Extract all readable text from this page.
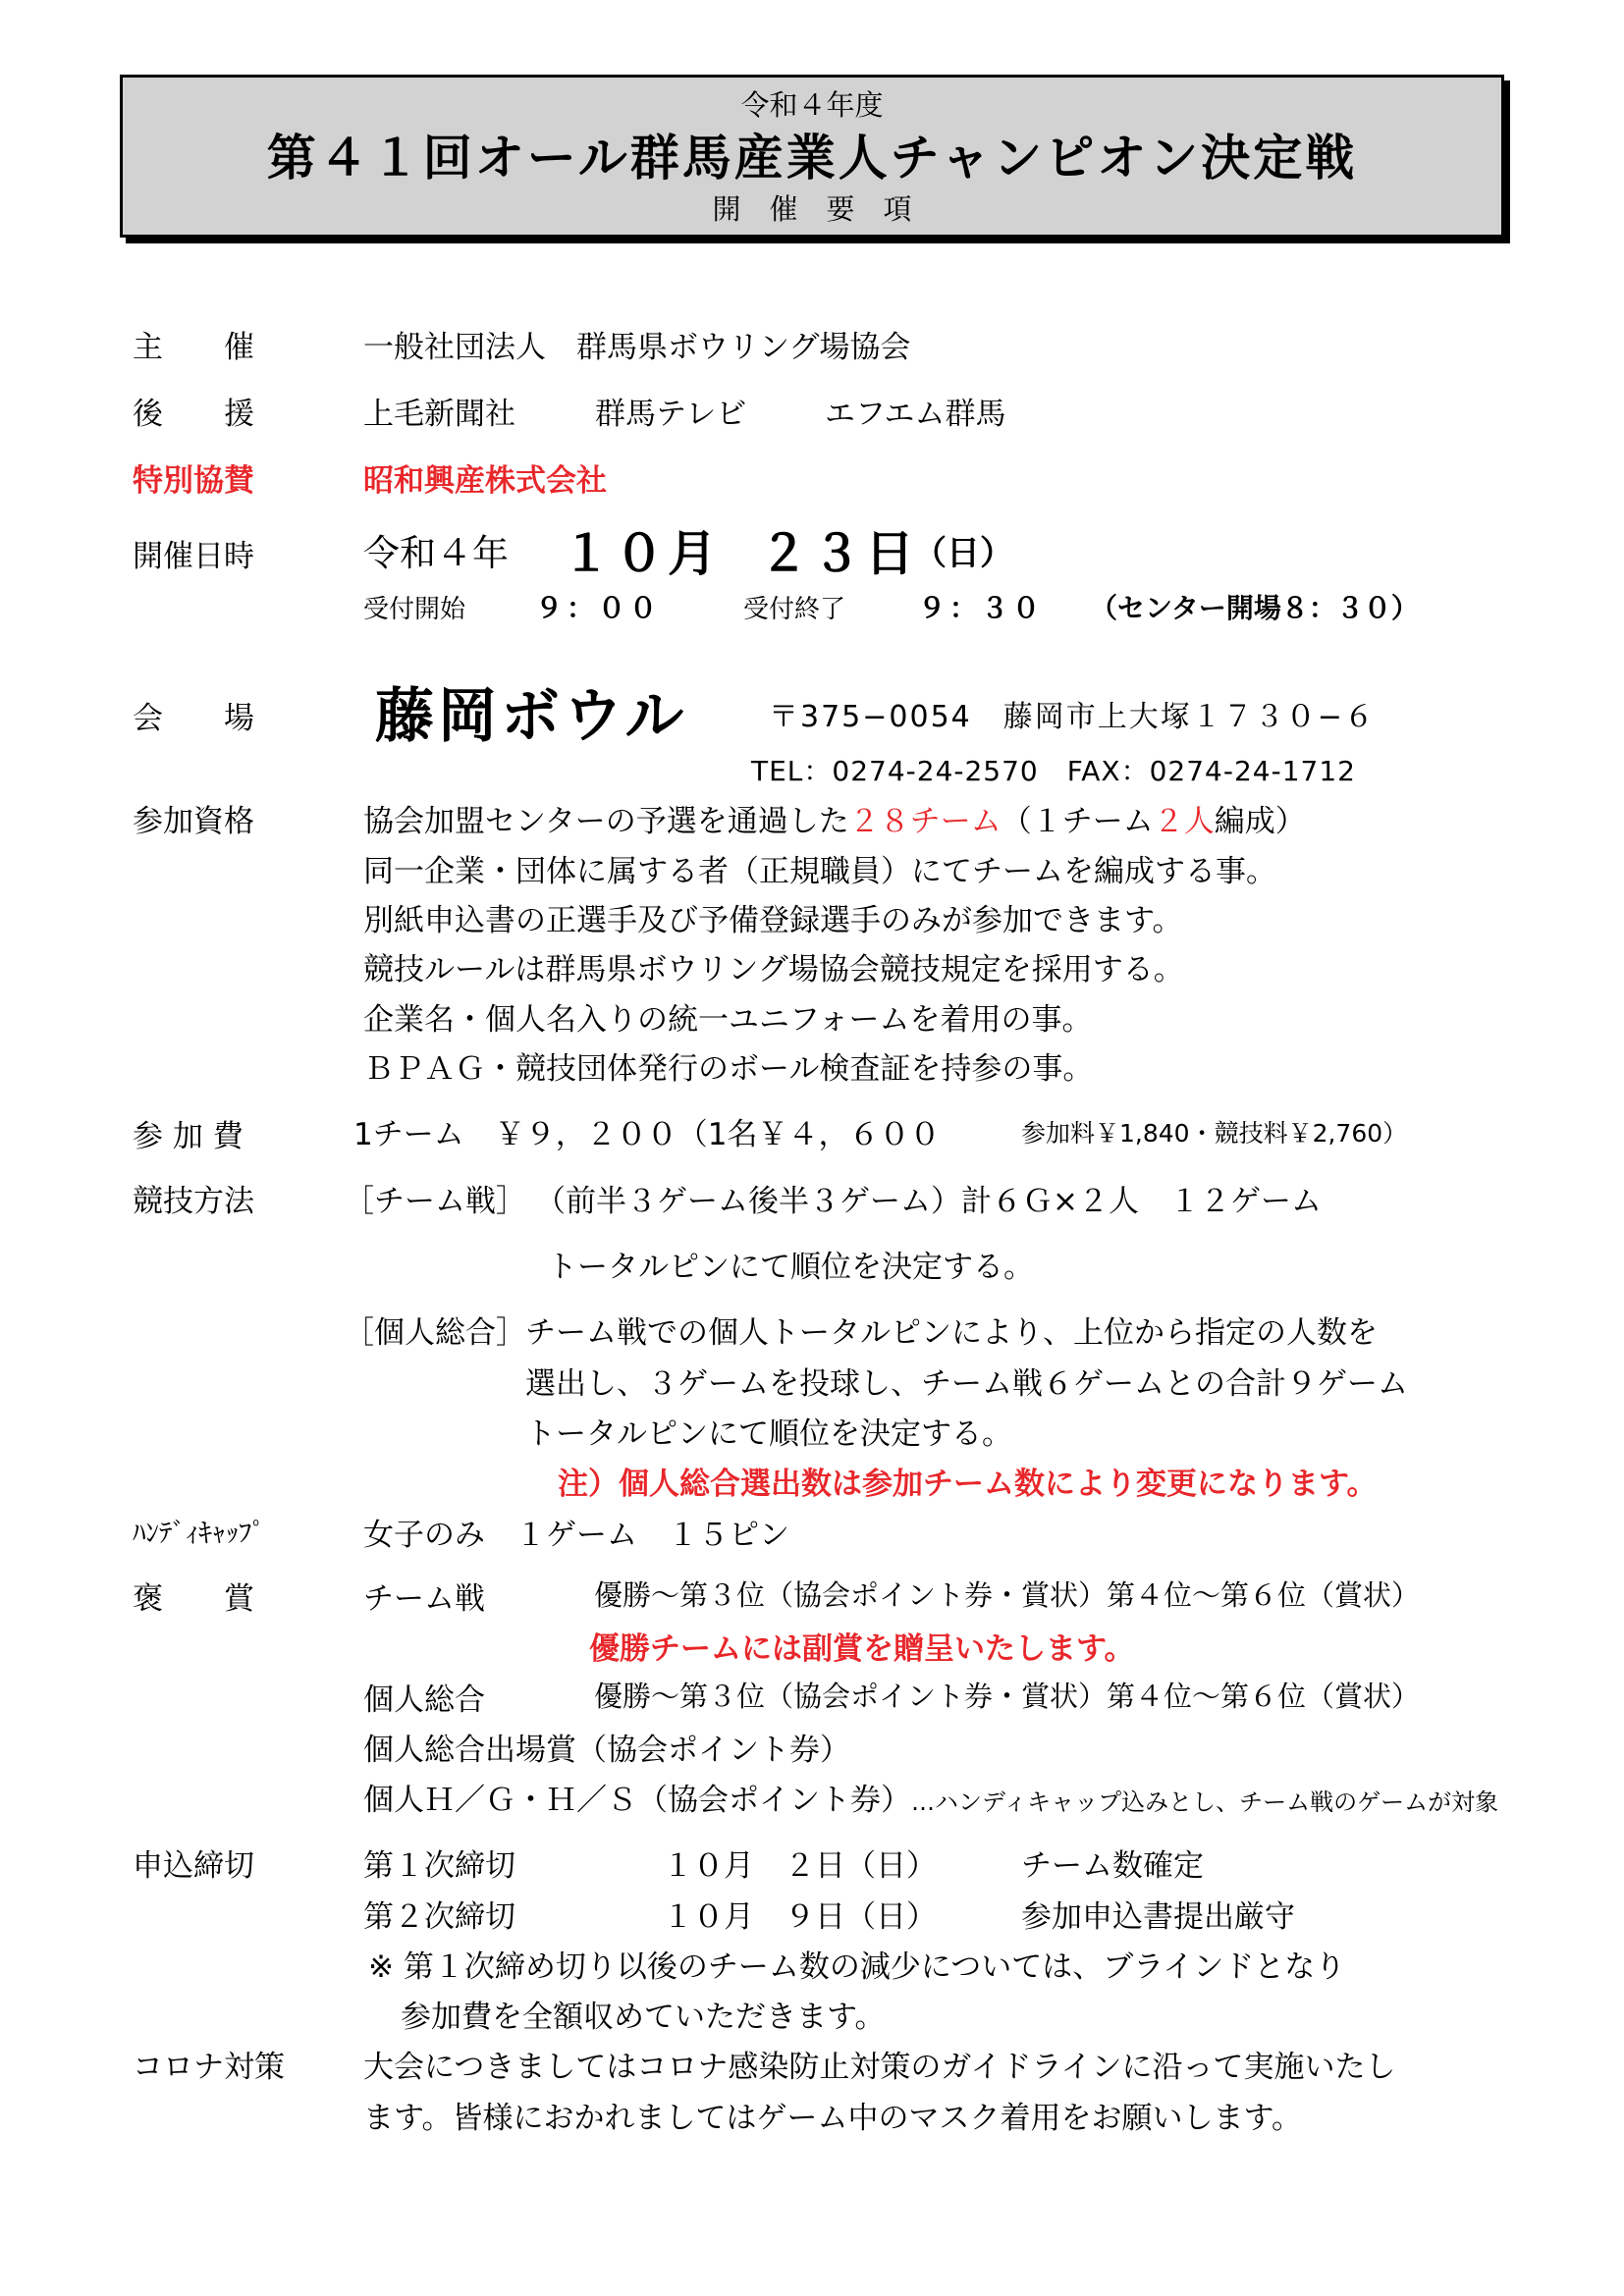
令和４年度
第４１回オール群馬産業人チャンピオン決定戦
開　催　要　項
主　　催	一般社団法人　群馬県ボウリング場協会
後　　援	上毛新聞社	群馬テレビ	エフエム群馬
特別協賛	昭和興産株式会社
開催日時	令和４年 １０月 ２３日
（日）
受付開始	９：００	受付終了	９：３０ （センター開場８：３０）
会　　場 藤岡ボウル	〒375−0054　藤岡市上大塚１７３０−６
TEL：0274-24-2570　FAX：0274-24-1712
参加資格	協会加盟センターの予選を通過した２８チーム（１チーム２人編成）
同一企業・団体に属する者（正規職員）にてチームを編成する事。
別紙申込書の正選手及び予備登録選手のみが参加できます。
競技ルールは群馬県ボウリング場協会競技規定を採用する。
企業名・個人名入りの統一ユニフォームを着用の事。
ＢＰＡＧ・競技団体発行のボール検査証を持参の事。
参 加 費	1チーム　￥９，２００（1名￥４，６００	参加料￥1,840・競技料￥2,760）
競技方法	［チーム戦］ （前半３ゲーム後半３ゲーム）計６Ｇ×２人　１２ゲーム
トータルピンにて順位を決定する。
［個人総合］ チーム戦での個人トータルピンにより、上位から指定の人数を
選出し、３ゲームを投球し、チーム戦６ゲームとの合計９ゲーム
トータルピンにて順位を決定する。
注）個人総合選出数は参加チーム数により変更になります。
ﾊﾝﾃﾞｨｷｬｯﾌﾟ	女子のみ　１ゲーム　１５ピン
褒　　賞	チーム戦	優勝～第３位（協会ポイント券・賞状）第４位～第６位（賞状）
優勝チームには副賞を贈呈いたします。
個人総合	優勝～第３位（協会ポイント券・賞状）第４位～第６位（賞状）
個人総合出場賞（協会ポイント券）
個人Ｈ／Ｇ・Ｈ／Ｓ（協会ポイント券）…ハンディキャップ込みとし、チーム戦のゲームが対象
申込締切	第１次締切	１０月　２日（日）	チーム数確定
第２次締切	１０月　９日（日）	参加申込書提出厳守
※ 第１次締め切り以後のチーム数の減少については、ブラインドとなり
参加費を全額収めていただきます。
コロナ対策	大会につきましてはコロナ感染防止対策のガイドラインに沿って実施いたし
ます。皆様におかれましてはゲーム中のマスク着用をお願いします。
